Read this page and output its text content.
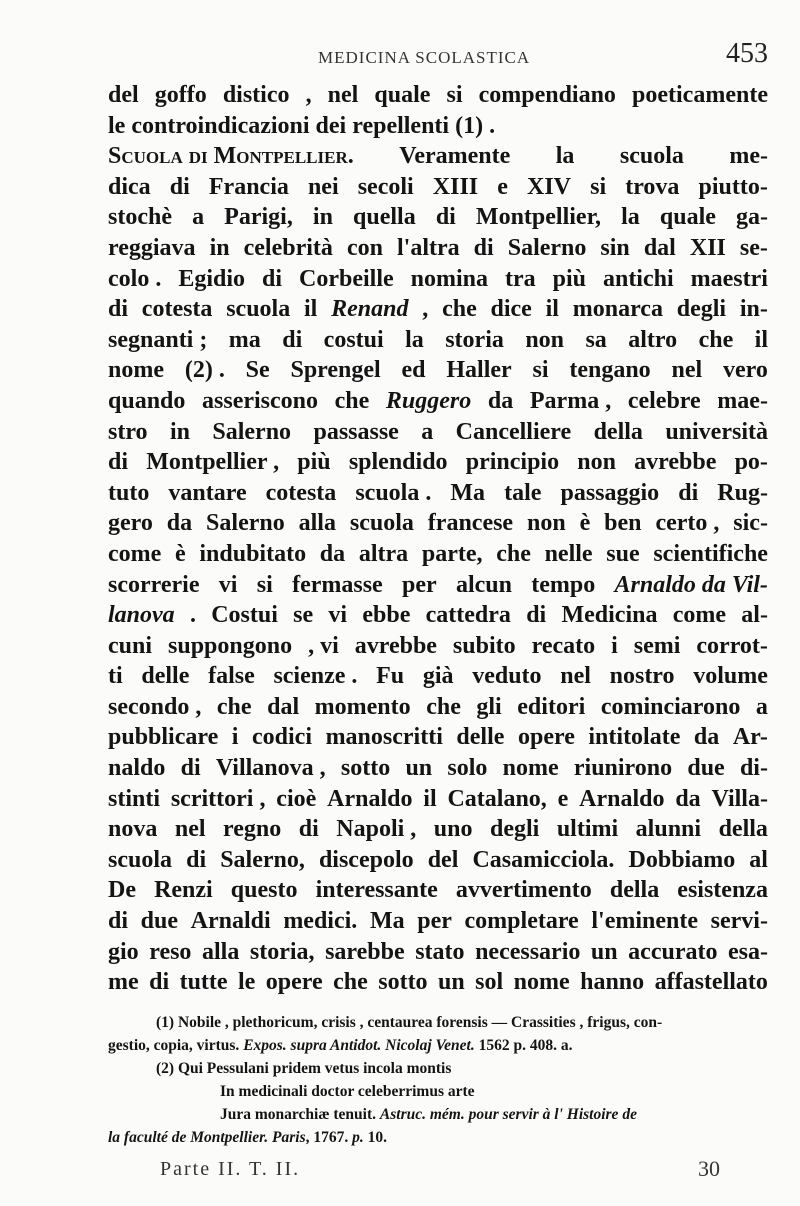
MEDICINA SCOLASTICA	453
del goffo distico , nel quale si compendiano poeticamente
le controindicazioni dei repellenti (1) .
Scuola di Montpellier. Veramente la scuola me-
dica di Francia nei secoli XIII e XIV si trova piutto-
stochè a Parigi, in quella di Montpellier, la quale ga-
reggiava in celebrità con l'altra di Salerno sin dal XII se-
colo . Egidio di Corbeille nomina tra più antichi maestri
di cotesta scuola il Renand , che dice il monarca degli in-
segnanti ; ma di costui la storia non sa altro che il
nome (2) . Se Sprengel ed Haller si tengano nel vero
quando asseriscono che Ruggero da Parma , celebre mae-
stro in Salerno passasse a Cancelliere della università
di Montpellier , più splendido principio non avrebbe po-
tuto vantare cotesta scuola . Ma tale passaggio di Rug-
gero da Salerno alla scuola francese non è ben certo , sic-
come è indubitato da altra parte, che nelle sue scientifiche
scorrerie vi si fermasse per alcun tempo Arnaldo da Vil-
lanova . Costui se vi ebbe cattedra di Medicina come al-
cuni suppongono , vi avrebbe subito recato i semi corrot-
ti delle false scienze . Fu già veduto nel nostro volume
secondo , che dal momento che gli editori cominciarono a
pubblicare i codici manoscritti delle opere intitolate da Ar-
naldo di Villanova , sotto un solo nome riunirono due di-
stinti scrittori , cioè Arnaldo il Catalano, e Arnaldo da Villa-
nova nel regno di Napoli , uno degli ultimi alunni della
scuola di Salerno, discepolo del Casamicciola. Dobbiamo al
De Renzi questo interessante avvertimento della esistenza
di due Arnaldi medici. Ma per completare l'eminente servi-
gio reso alla storia, sarebbe stato necessario un accurato esa-
me di tutte le opere che sotto un sol nome hanno affastellato
(1) Nobile , plethoricum, crisis , centaurea forensis — Crassities , frigus, con-
gestio, copia, virtus. Expos. supra Antidot. Nicolaj Venet. 1562 p. 408. a.
(2) Qui Pessulani pridem vetus incola montis
In medicinali doctor celeberrimus arte
Jura monarchiæ tenuit. Astruc. mém. pour servir à l' Histoire de
la faculté de Montpellier. Paris, 1767. p. 10.
Parte II. T. II.	30
